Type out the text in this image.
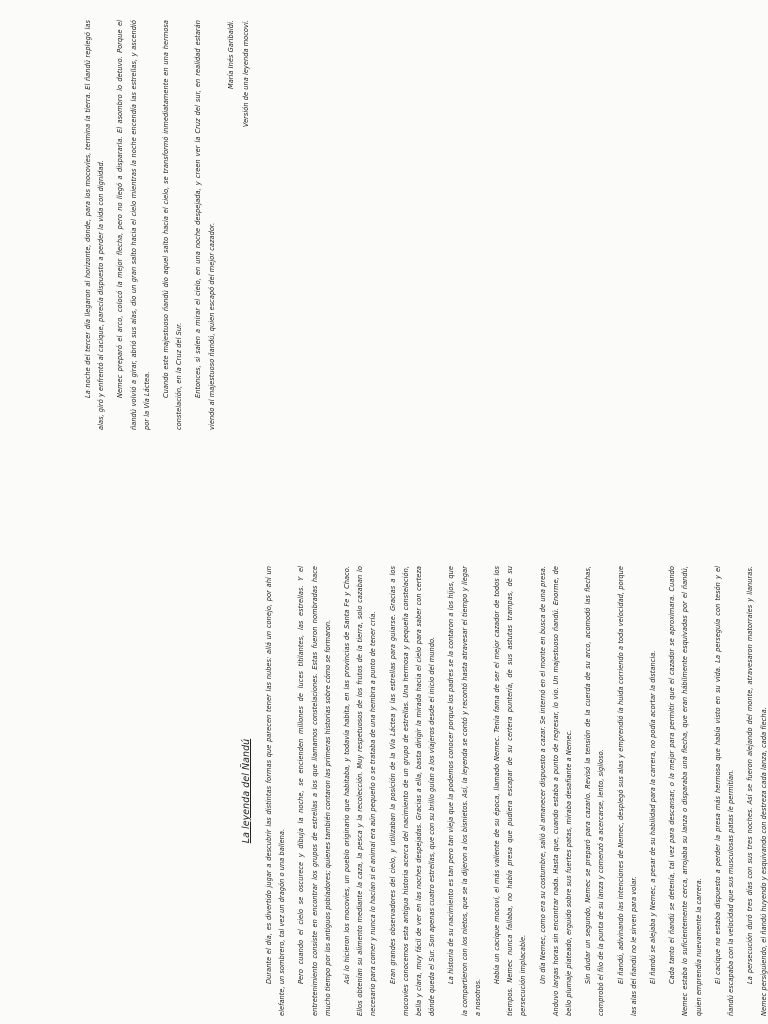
La leyenda del Ñandú	Durante el día, es divertido jugar a descubrir las distintas formas que parecen tener las nubes: allá un conejo, por ahí un elefante, un sombrero, tal vez un dragón o una ballena.	Pero cuando el cielo se oscurece y dibuja la noche, se encienden millones de luces titilantes, las estrellas. Y el entretenimiento consiste en encontrar los grupos de estrellas a los que llamamos constelaciones. Estas fueron nombradas hace mucho tiempo por los antiguos pobladores; quienes también contaron las primeras historias sobre cómo se formaron.	Así lo hicieron los mocovíes, un pueblo originario que habitaba, y todavía habita, en las provincias de Santa Fe y Chaco. Ellos obtenían su alimento mediante la caza, la pesca y la recolección. Muy respetuosos de los frutos de la tierra, solo cazaban lo necesario para comer y nunca lo hacían si el animal era aún pequeño o se trataba de una hembra a punto de tener cría.	Eran grandes observadores del cielo, y utilizaban la posición de la Vía Láctea y las estrellas para guiarse. Gracias a los mocovíes conocemos esta antigua historia acerca del nacimiento de un grupo de estrellas. Una hermosa y pequeña constelación, bella y clara, muy fácil de ver en las noches despejadas. Gracias a ella, basta dirigir la mirada hacia el cielo para saber con certeza dónde queda el Sur. Son apenas cuatro estrellas, que con su brillo guían a los viajeros desde el inicio del mundo.	La historia de su nacimiento es tan pero tan vieja que la podemos conocer porque los padres se la contaron a los hijos, que la compartieron con los nietos, que se la dijeron a los bisnietos. Así, la leyenda se contó y recontó hasta atravesar el tiempo y llegar a nosotros.

Había un cacique mocoví, el más valiente de su época, llamado Nemec. Tenía fama de ser el mejor cazador de todos los tiempos. Nemec nunca fallaba, no había presa que pudiera escapar de su certera puntería, de sus astutas trampas, de su persecución implacable.	Un día Nemec, como era su costumbre, salió al amanecer dispuesto a cazar. Se internó en el monte en busca de una presa. Anduvo largas horas sin encontrar nada. Hasta que, cuando estaba a punto de regresar, lo vio. Un majestuoso ñandú. Enorme, de bello plumaje plateado, erguido sobre sus fuertes patas, miraba desafiante a Nemec.	Sin dudar un segundo, Nemec se preparó para cazarlo. Revisó la tensión de la cuerda de su arco, acomodó las flechas, comprobó el filo de la punta de su lanza y comenzó a acercarse, lento, sigiloso.	El ñandú, adivinando las intenciones de Nemec, desplegó sus alas y emprendió la huida corriendo a toda velocidad, porque las alas del ñandú no le sirven para volar.	El ñandú se alejaba y Nemec, a pesar de su habilidad para la carrera, no podía acortar la distancia.	Cada tanto el ñandú se detenía, tal vez para descansar, o la mejor para permitir que el cazador se aproximara. Cuando Nemec estaba lo suficientemente cerca, arrojaba su lanza o disparaba una flecha, que eran hábilmente esquivadas por el ñandú, quien emprendía nuevamente la carrera.	El cacique no estaba dispuesto a perder la presa más hermosa que había visto en su vida. La perseguía con tesón y el ñandú escapaba con la velocidad que sus musculosas patas le permitían.	La persecución duró tres días con sus tres noches. Así se fueron alejando del monte, atravesaron matorrales y llanuras. Nemec persiguiendo, el ñandú huyendo y esquivando con destreza cada lanza, cada flecha.

La noche del tercer día llegaron al horizonte, donde, para los mocovíes, termina la tierra. El ñandú replegó las alas, giró y enfrentó al cacique, parecía dispuesto a perder la vida con dignidad.	Nemec preparó el arco, colocó la mejor flecha, pero no llegó a dispararla. El asombro lo detuvo. Porque el ñandú volvió a girar, abrió sus alas, dio un gran salto hacia el cielo mientras la noche encendía las estrellas, y ascendió por la Vía Láctea.

Cuando este majestuoso ñandú dio aquel salto hacia el cielo, se transformó inmediatamente en una hermosa constelación, en la Cruz del Sur.	Entonces, si salen a mirar el cielo, en una noche despejada, y creen ver la Cruz del sur, en realidad estarán viendo al majestuoso ñandú, quien escapó del mejor cazador.

María Inés Garibaldi.	Versión de una leyenda mocoví.
